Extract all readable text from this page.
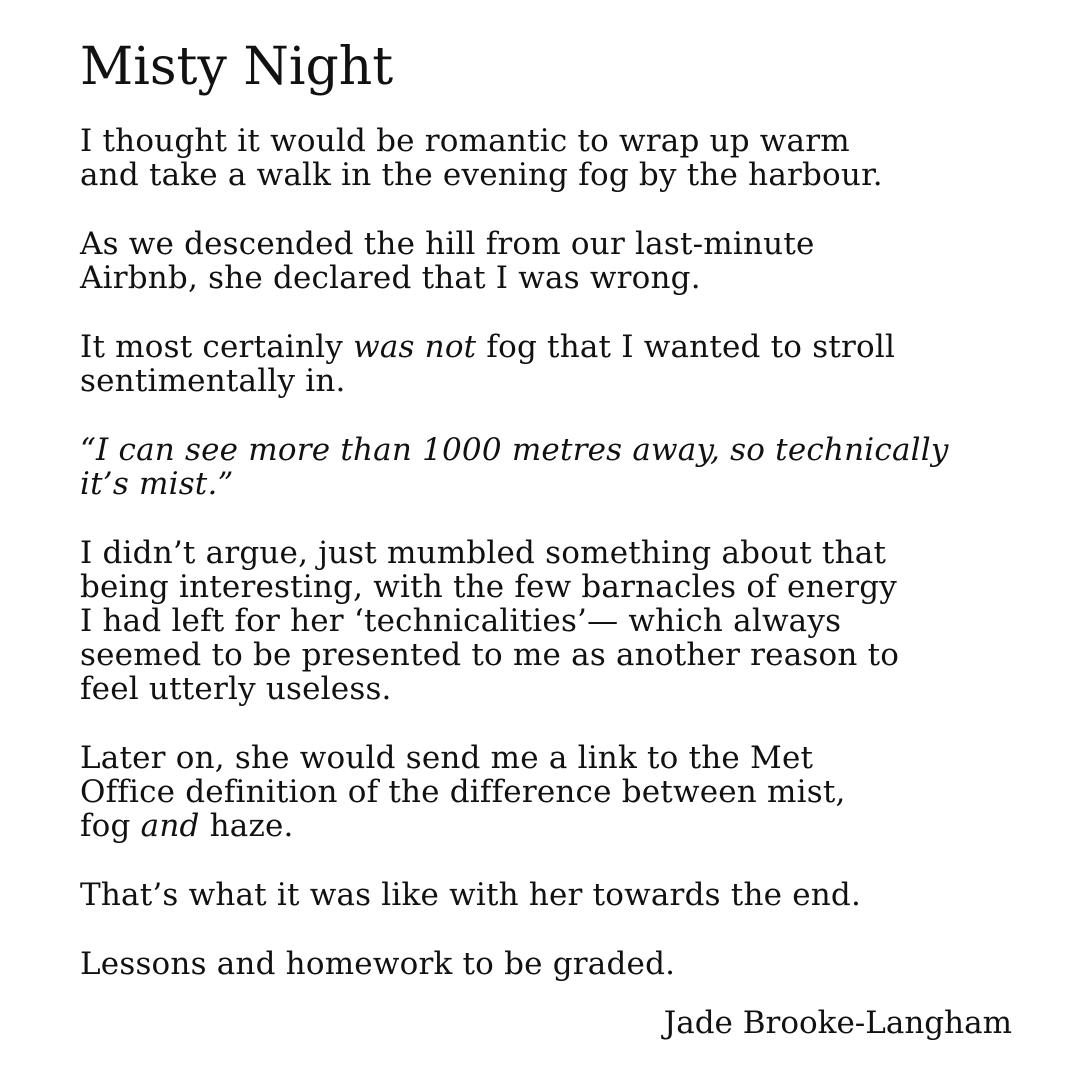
Misty Night

I thought it would be romantic to wrap up warm
and take a walk in the evening fog by the harbour.

As we descended the hill from our last-minute
Airbnb, she declared that I was wrong.

It most certainly was not fog that I wanted to stroll
sentimentally in.

“I can see more than 1000 metres away, so technically
it’s mist.”

I didn’t argue, just mumbled something about that
being interesting, with the few barnacles of energy
I had left for her ‘technicalities’— which always
seemed to be presented to me as another reason to
feel utterly useless.

Later on, she would send me a link to the Met
Office definition of the difference between mist,
fog and haze.

That’s what it was like with her towards the end.

Lessons and homework to be graded.

Jade Brooke-Langham
